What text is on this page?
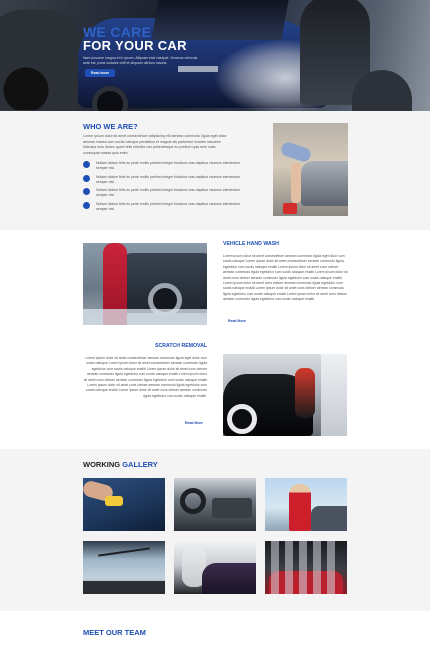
WE CARE
FOR YOUR CAR
Nam posuere magna et in ipsum. Aliquam erat volutpat. Vivamus vehicula ante est, porta sodales velit et aliquam ultrices mauris.
Read more
WHO WE ARE?

Lorem ipsum dolor sit amet consectetuer adipiscing elit aenean commodo ligula eget dolor aenean massa cum sociis natoque penatibus et magnis dis parturient montes nascetur ridiculus mus donec quam felis ultricies nec pellentesque eu pretium quis sem nulla consequat massa quis enim.

Nullam dictum felis eu pede mollis pretium integer tincidunt cras dapibus vivamus elementum semper nisi.
Nullam dictum felis eu pede mollis pretium integer tincidunt cras dapibus vivamus elementum semper nisi.
Nullam dictum felis eu pede mollis pretium integer tincidunt cras dapibus vivamus elementum semper nisi.
Nullam dictum felis eu pede mollis pretium integer tincidunt cras dapibus vivamus elementum semper nisi.
VEHICLE HAND WASH

Lorem ipsum dolor sit amet consectetuer aenean commodo ligula eget dolor cum sociis natoque Lorem ipsum dolor sit amet consectetuer aenean commodo ligula egetdolor cum sociis natoque enalib Lorem ipsum dolor sit amet cons ctetuer aenean commodo ligula egetdolor cum sociis natoque enalib Lorem ipsum dolor sit amet cons ctetuer aenean commodo ligula egetdolor cum sociis natoque enalib Lorem ipsum dolor sit amet cons ctetuer aenean commodo ligula egetdolor cum sociis natoque enalib Lorem ipsum dolor sit amet cons ctetuer aenean commodo ligula egetdolor cum sociis natoque enalib Lorem ipsum dolor sit amet cons ctetuer aenean commodo ligula egetdolor cum sociis natoque enalib.

Read More
SCRATCH REMOVAL

Lorem ipsum dolor sit amet consectetuer aenean commodo ligula eget dolor cum sociis natoque Lorem ipsum dolor sit amet consectetuer aenean commodo ligula egetdolor cum sociis natoque enalib Lorem ipsum dolor sit amet cons ctetuer aenean commodo ligula egetdolor cum sociis natoque enalib Lorem ipsum dolor sit amet cons ctetuer aenean commodo ligula egetdolor cum sociis natoque enalib Lorem ipsum dolor sit amet cons ctetuer aenean commodo ligula egetdolor cum sociis natoque enalib Lorem ipsum dolor sit amet cons ctetuer aenean commodo ligula egetdolor cum sociis natoque enalib.

Read More
WORKING GALLERY
MEET OUR TEAM
